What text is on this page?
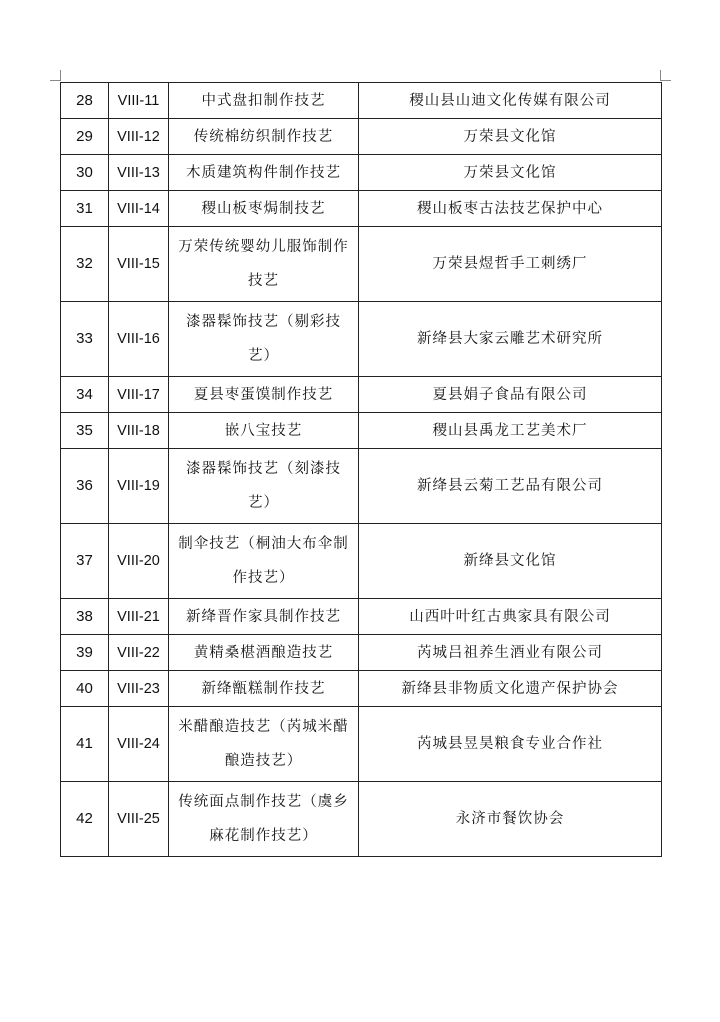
28	VIII-11	中式盘扣制作技艺	稷山县山迪文化传媒有限公司
29	VIII-12	传统棉纺织制作技艺	万荣县文化馆
30	VIII-13	木质建筑构件制作技艺	万荣县文化馆
31	VIII-14	稷山板枣焗制技艺	稷山板枣古法技艺保护中心
32	VIII-15	万荣传统婴幼儿服饰制作技艺	万荣县煜哲手工刺绣厂
33	VIII-16	漆器髹饰技艺（剔彩技艺）	新绛县大家云雕艺术研究所
34	VIII-17	夏县枣蛋馍制作技艺	夏县娟子食品有限公司
35	VIII-18	嵌八宝技艺	稷山县禹龙工艺美术厂
36	VIII-19	漆器髹饰技艺（刻漆技艺）	新绛县云菊工艺品有限公司
37	VIII-20	制伞技艺（桐油大布伞制作技艺）	新绛县文化馆
38	VIII-21	新绛晋作家具制作技艺	山西叶叶红古典家具有限公司
39	VIII-22	黄精桑椹酒酿造技艺	芮城吕祖养生酒业有限公司
40	VIII-23	新绛甑糕制作技艺	新绛县非物质文化遗产保护协会
41	VIII-24	米醋酿造技艺（芮城米醋酿造技艺）	芮城县昱昊粮食专业合作社
42	VIII-25	传统面点制作技艺（虞乡麻花制作技艺）	永济市餐饮协会
